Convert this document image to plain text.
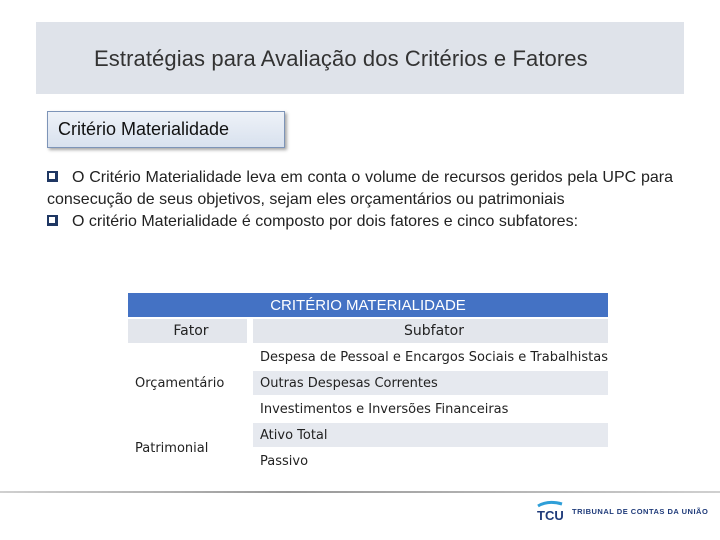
Estratégias para Avaliação dos Critérios e Fatores
Critério Materialidade

O Critério Materialidade leva em conta o volume de recursos geridos pela UPC para consecução de seus objetivos, sejam eles orçamentários ou patrimoniais

O critério Materialidade é composto por dois fatores e cinco subfatores:

CRITÉRIO MATERIALIDADE	
Fator	Subfator
Orçamentário	Despesa de Pessoal e Encargos Sociais e Trabalhistas
	Outras Despesas Correntes
	Investimentos e Inversões Financeiras
Patrimonial	Ativo Total
	Passivo
TCU TRIBUNAL DE CONTAS DA UNIÃO
